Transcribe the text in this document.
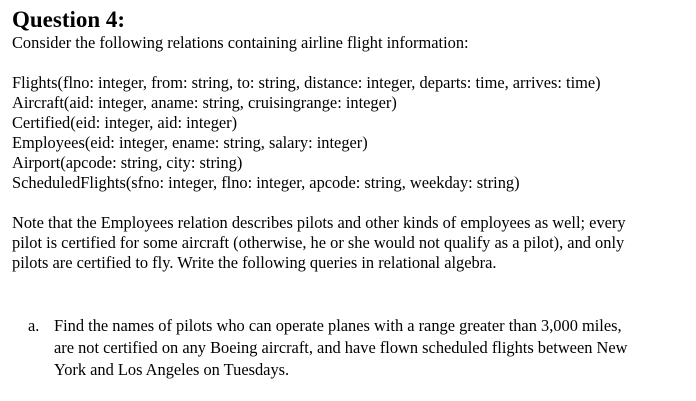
Question 4:

Consider the following relations containing airline flight information:

Flights(flno: integer, from: string, to: string, distance: integer, departs: time, arrives: time)

Aircraft(aid: integer, aname: string, cruisingrange: integer)

Certified(eid: integer, aid: integer)

Employees(eid: integer, ename: string, salary: integer)

Airport(apcode: string, city: string)

ScheduledFlights(sfno: integer, flno: integer, apcode: string, weekday: string)

Note that the Employees relation describes pilots and other kinds of employees as well; every

pilot is certified for some aircraft (otherwise, he or she would not qualify as a pilot), and only

pilots are certified to fly. Write the following queries in relational algebra.

a. Find the names of pilots who can operate planes with a range greater than 3,000 miles,

are not certified on any Boeing aircraft, and have flown scheduled flights between New

York and Los Angeles on Tuesdays.
